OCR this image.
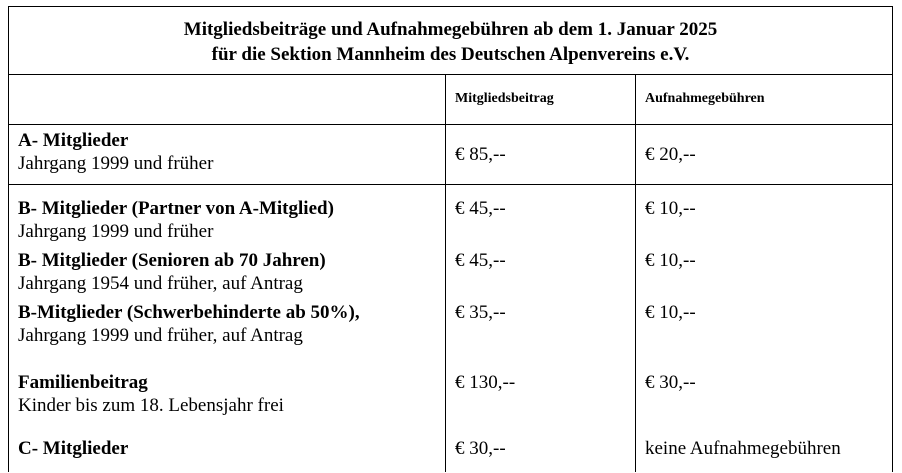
Mitgliedsbeiträge und Aufnahmegebühren ab dem 1. Januar 2025
für die Sektion Mannheim des Deutschen Alpenvereins e.V.
Mitgliedsbeitrag	Aufnahmegebühren
A- Mitglieder
Jahrgang 1999 und früher	€ 85,--	€ 20,--
B- Mitglieder (Partner von A-Mitglied)
Jahrgang 1999 und früher
€ 45,--	€ 10,--
B- Mitglieder (Senioren ab 70 Jahren)
Jahrgang 1954 und früher, auf Antrag
€ 45,--	€ 10,--
B-Mitglieder (Schwerbehinderte ab 50%),
Jahrgang 1999 und früher, auf Antrag
€ 35,--	€ 10,--
Familienbeitrag
Kinder bis zum 18. Lebensjahr frei
€ 130,--	€ 30,--
C- Mitglieder	€ 30,--	keine Aufnahmegebühren
